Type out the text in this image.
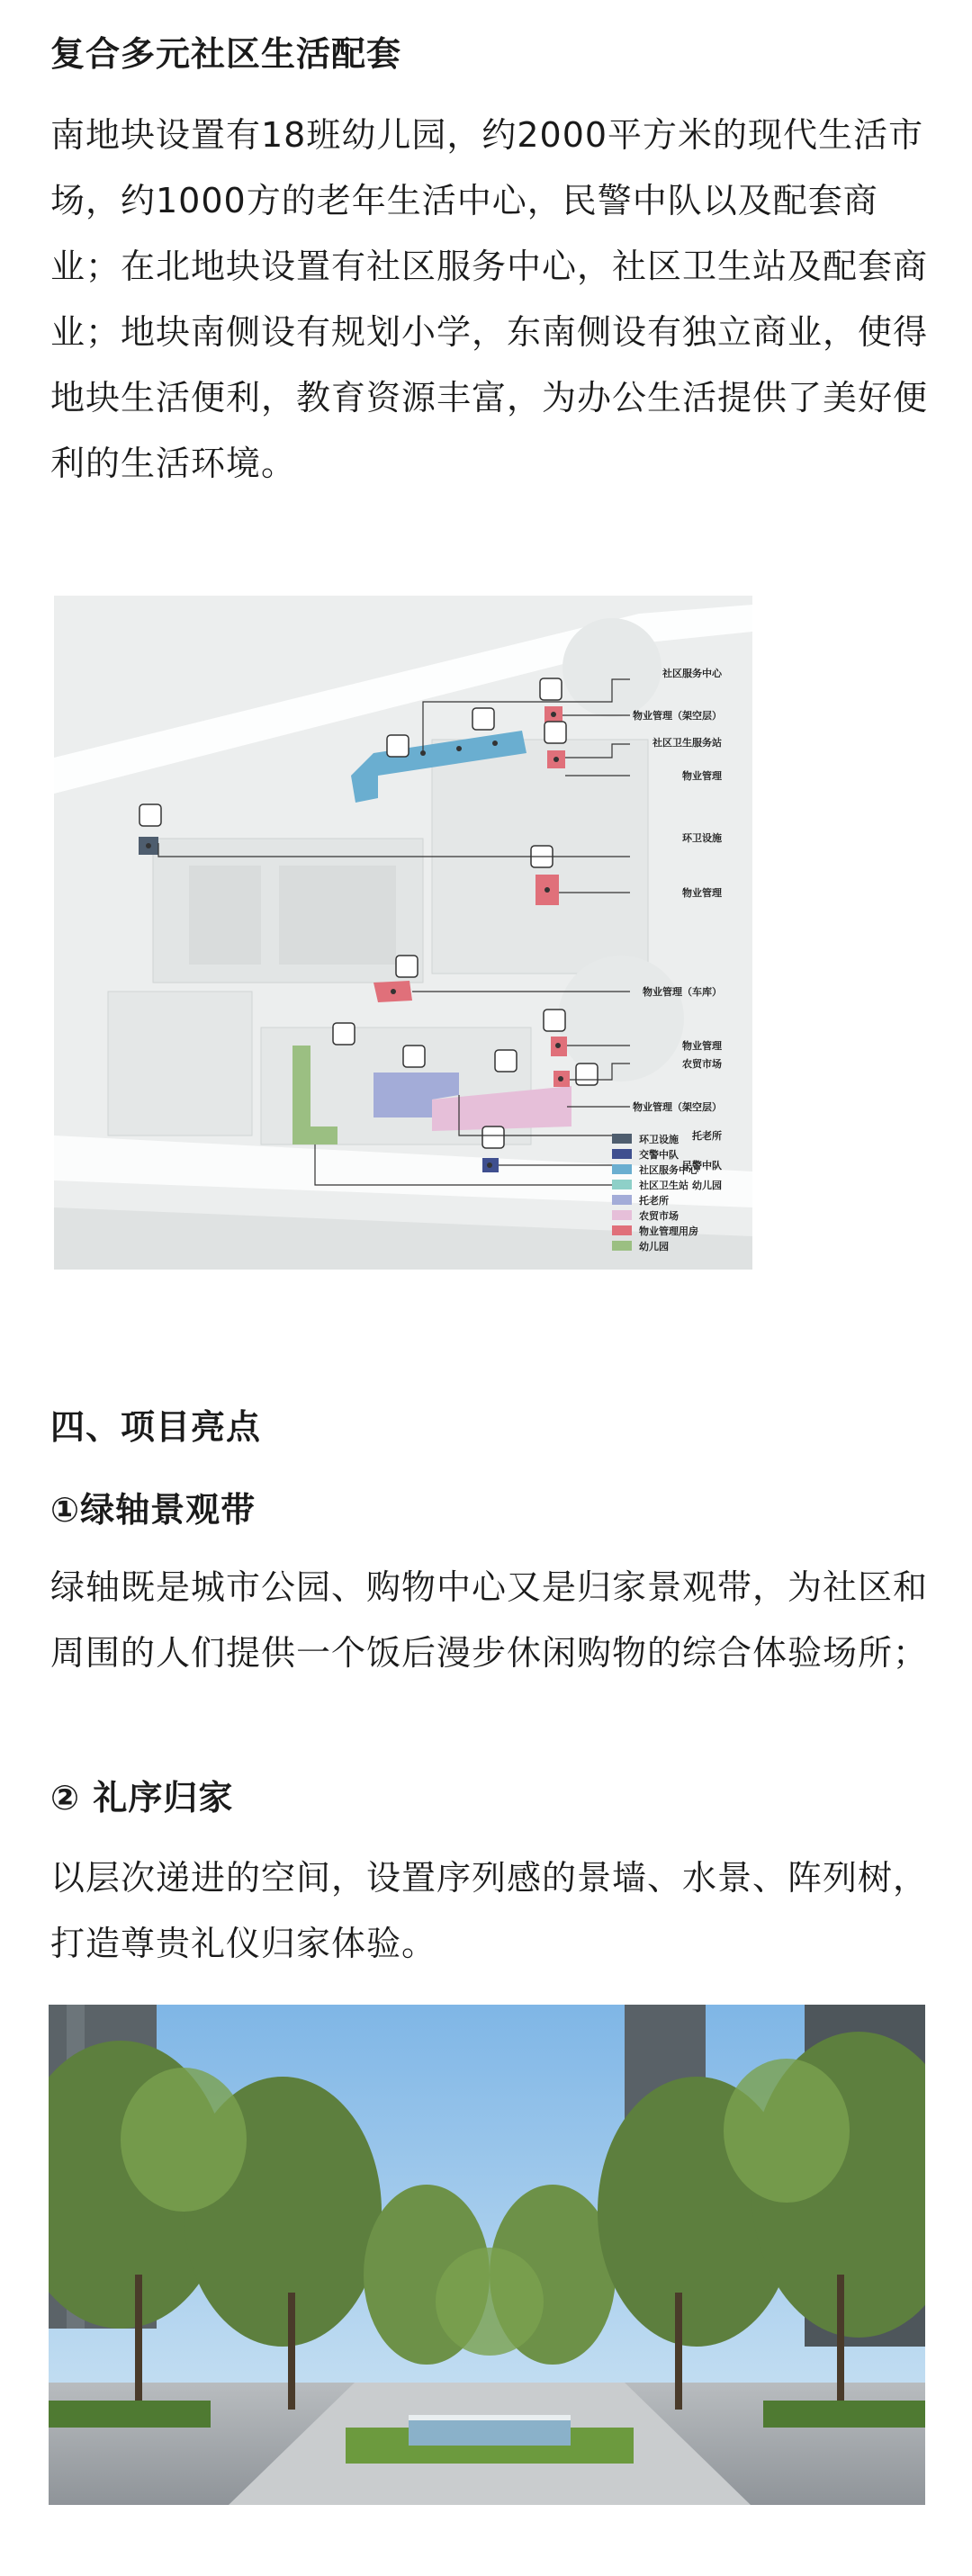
复合多元社区生活配套

南地块设置有18班幼儿园，约2000平方米的现代生活市场，约1000方的老年生活中心，民警中队以及配套商业；在北地块设置有社区服务中心，社区卫生站及配套商业；地块南侧设有规划小学，东南侧设有独立商业，使得地块生活便利，教育资源丰富，为办公生活提供了美好便利的生活环境。

社区服务中心
物业管理（架空层）
社区卫生服务站
物业管理
环卫设施
物业管理
物业管理（车库）
物业管理
农贸市场
物业管理（架空层）
托老所
民警中队
幼儿园
环卫设施
交警中队
社区服务中心
社区卫生站
托老所
农贸市场
物业管理用房
幼儿园
四、项目亮点
①绿轴景观带

绿轴既是城市公园、购物中心又是归家景观带，为社区和周围的人们提供一个饭后漫步休闲购物的综合体验场所；

② 礼序归家

以层次递进的空间，设置序列感的景墙、水景、阵列树，打造尊贵礼仪归家体验。
